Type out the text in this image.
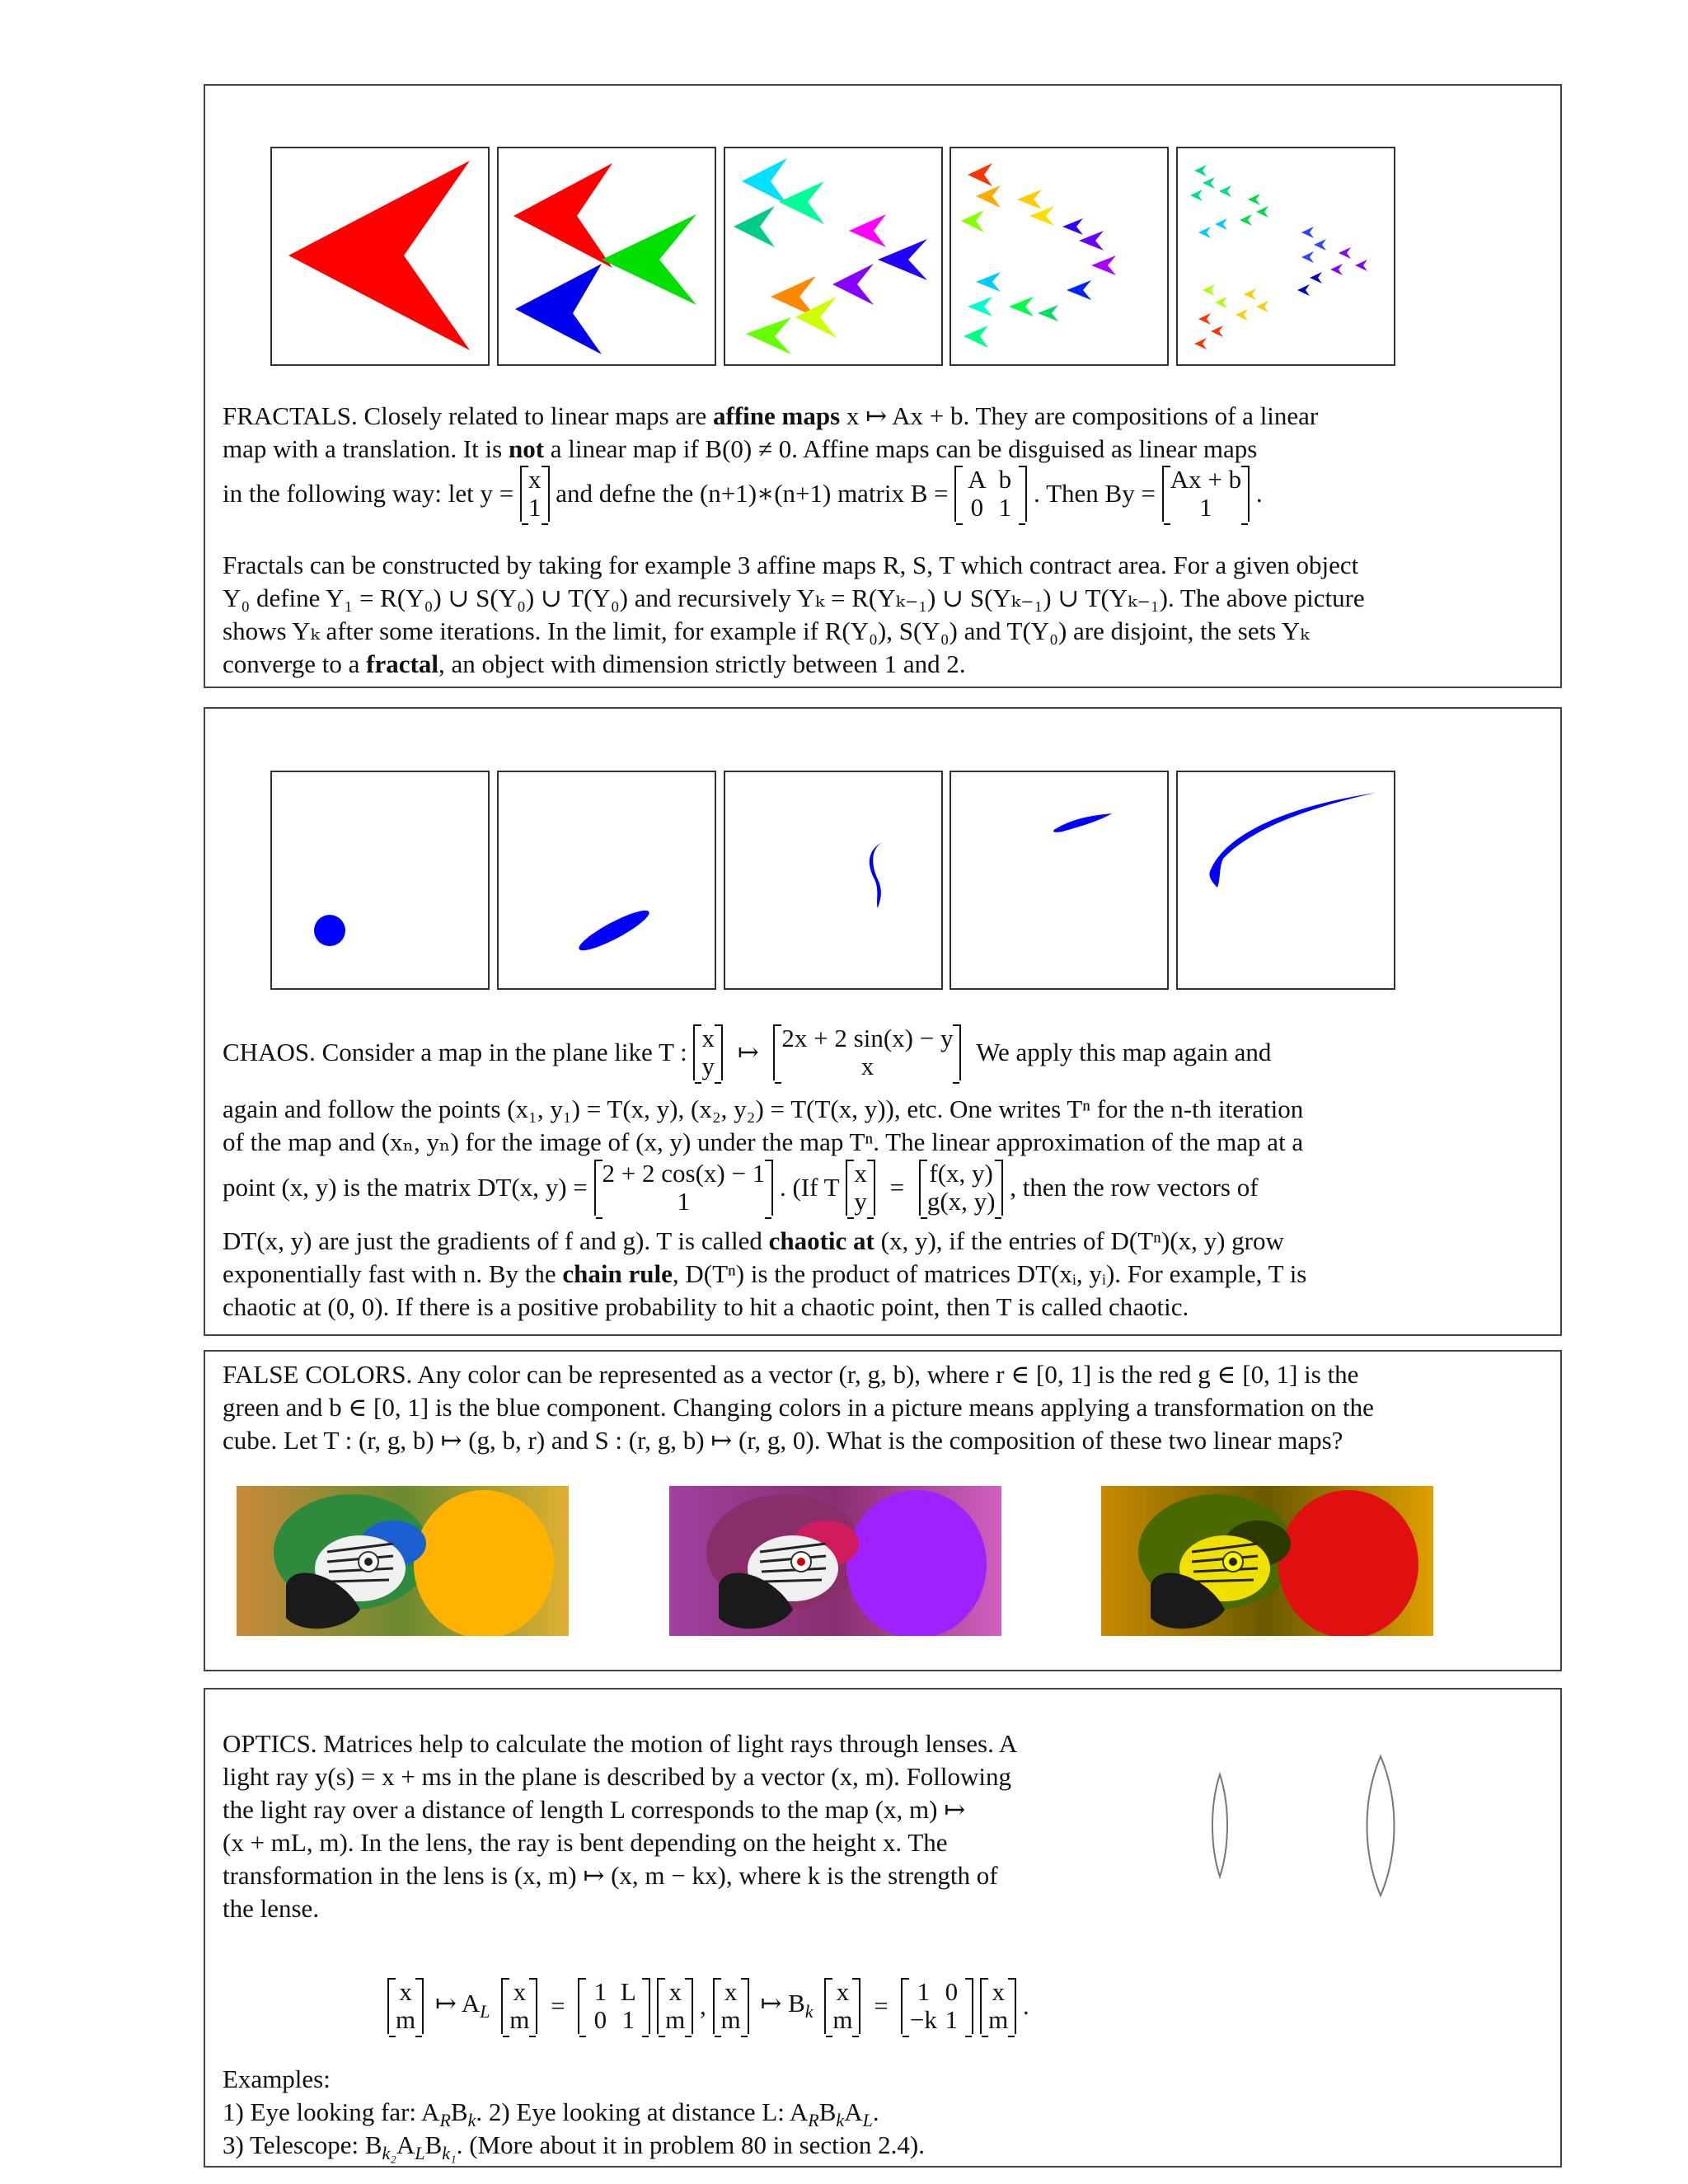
FRACTALS. Closely related to linear maps are affine maps x ↦ Ax + b. They are compositions of a linear
map with a translation. It is not a linear map if B(0) ≠ 0. Affine maps can be disguised as linear maps
in the following way: let y = x
1 and defne the (n+1)∗(n+1) matrix B = A b
0 1 . Then By = Ax + b
1	.
Fractals can be constructed by taking for example 3 affine maps R, S, T which contract area. For a given object
Y₀ define Y₁ = R(Y₀) ∪ S(Y₀) ∪ T(Y₀) and recursively Yₖ = R(Yₖ₋₁) ∪ S(Yₖ₋₁) ∪ T(Yₖ₋₁). The above picture
shows Yₖ after some iterations. In the limit, for example if R(Y₀), S(Y₀) and T(Y₀) are disjoint, the sets Yₖ
converge to a fractal, an object with dimension strictly between 1 and 2.
CHAOS. Consider a map in the plane like T : x
y ↦ 2x + 2 sin(x) − y
x	We apply this map again and
again and follow the points (x₁, y₁) = T(x, y), (x₂, y₂) = T(T(x, y)), etc. One writes Tⁿ for the n-th iteration
of the map and (xₙ, yₙ) for the image of (x, y) under the map Tⁿ. The linear approximation of the map at a
point (x, y) is the matrix DT(x, y) = 2 + 2 cos(x) − 1
1	. (If T x
y = f(x, y)
g(x, y) , then the row vectors of
DT(x, y) are just the gradients of f and g). T is called chaotic at (x, y), if the entries of D(Tⁿ)(x, y) grow
exponentially fast with n. By the chain rule, D(Tⁿ) is the product of matrices DT(xᵢ, yᵢ). For example, T is
chaotic at (0, 0). If there is a positive probability to hit a chaotic point, then T is called chaotic.
FALSE COLORS. Any color can be represented as a vector (r, g, b), where r ∈ [0, 1] is the red g ∈ [0, 1] is the
green and b ∈ [0, 1] is the blue component. Changing colors in a picture means applying a transformation on the
cube. Let T : (r, g, b) ↦ (g, b, r) and S : (r, g, b) ↦ (r, g, 0). What is the composition of these two linear maps?
OPTICS. Matrices help to calculate the motion of light rays through lenses. A
light ray y(s) = x + ms in the plane is described by a vector (x, m). Following
the light ray over a distance of length L corresponds to the map (x, m) ↦
(x + mL, m). In the lens, the ray is bent depending on the height x. The
transformation in the lens is (x, m) ↦ (x, m − kx), where k is the strength of
the lense.
x
m
↦ $A_L$
x
m = 1 L
0 1

x
m , x
m
↦ $B_k$
x
m = 1 0
−k 1

x
m .
Examples:
1) Eye looking far: $A_RB_k$. 2) Eye looking at distance L: $A_RB_kA_L$.
3) Telescope: $B_{k_2}A_LB_{k_1}$. (More about it in problem 80 in section 2.4).
